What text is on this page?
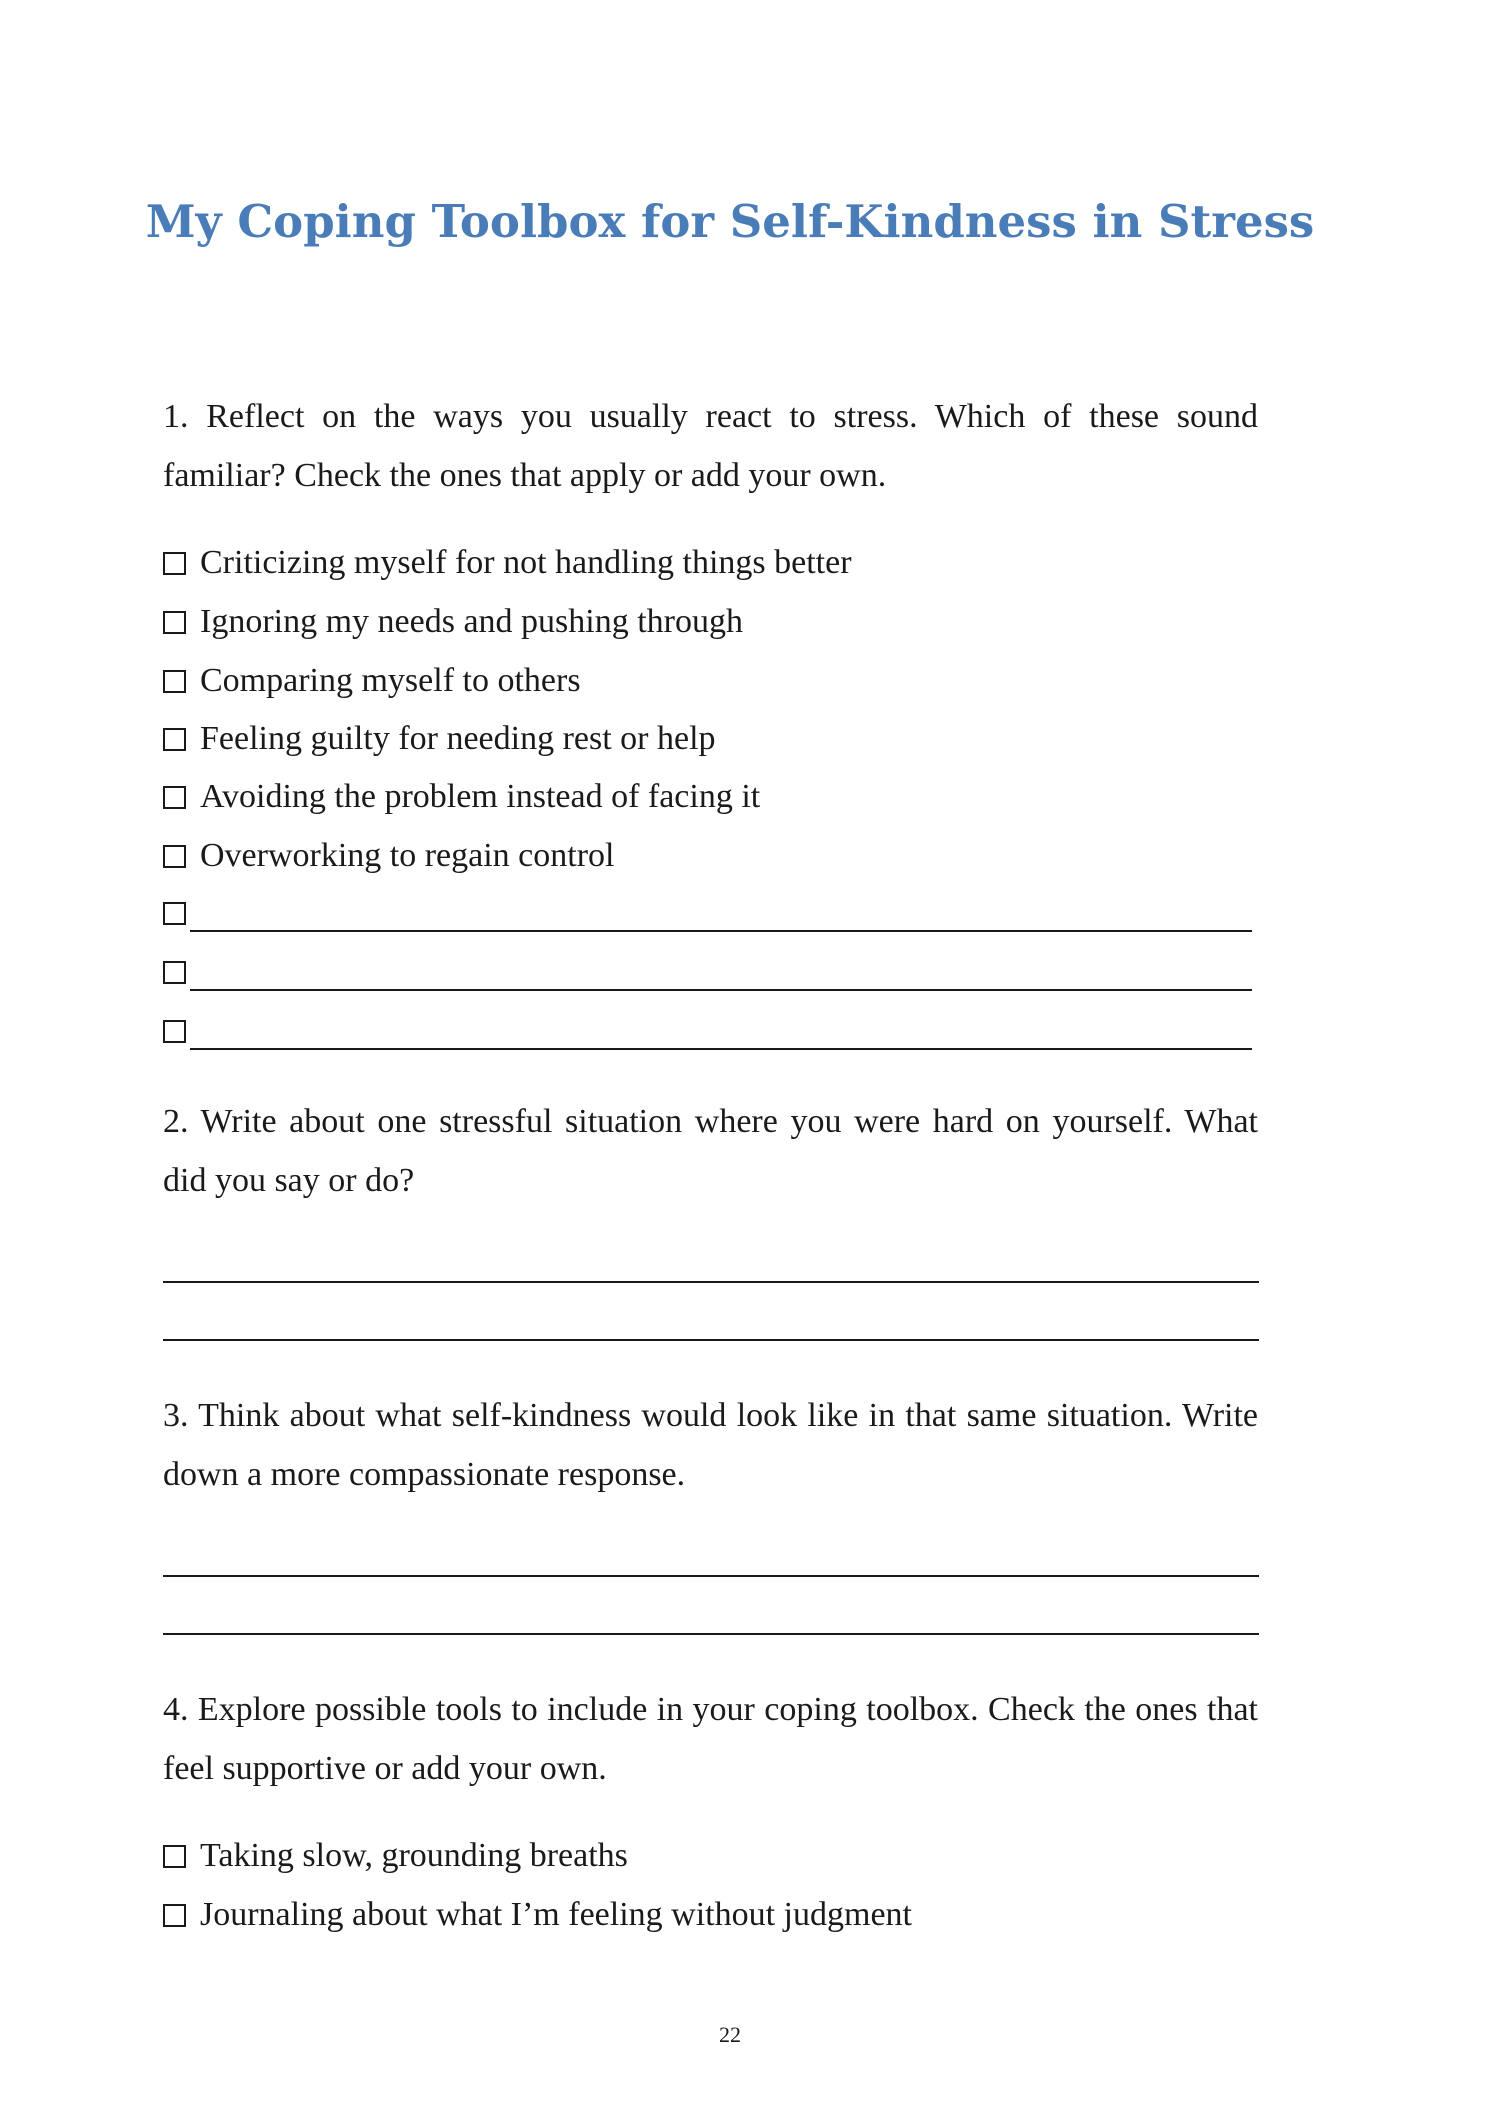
My Coping Toolbox for Self-Kindness in Stress
1. Reflect on the ways you usually react to stress. Which of these sound familiar? Check the ones that apply or add your own.
Criticizing myself for not handling things better
Ignoring my needs and pushing through
Comparing myself to others
Feeling guilty for needing rest or help
Avoiding the problem instead of facing it
Overworking to regain control
2. Write about one stressful situation where you were hard on yourself. What did you say or do?
3. Think about what self-kindness would look like in that same situation. Write down a more compassionate response.
4. Explore possible tools to include in your coping toolbox. Check the ones that feel supportive or add your own.
Taking slow, grounding breaths
Journaling about what I’m feeling without judgment
22
